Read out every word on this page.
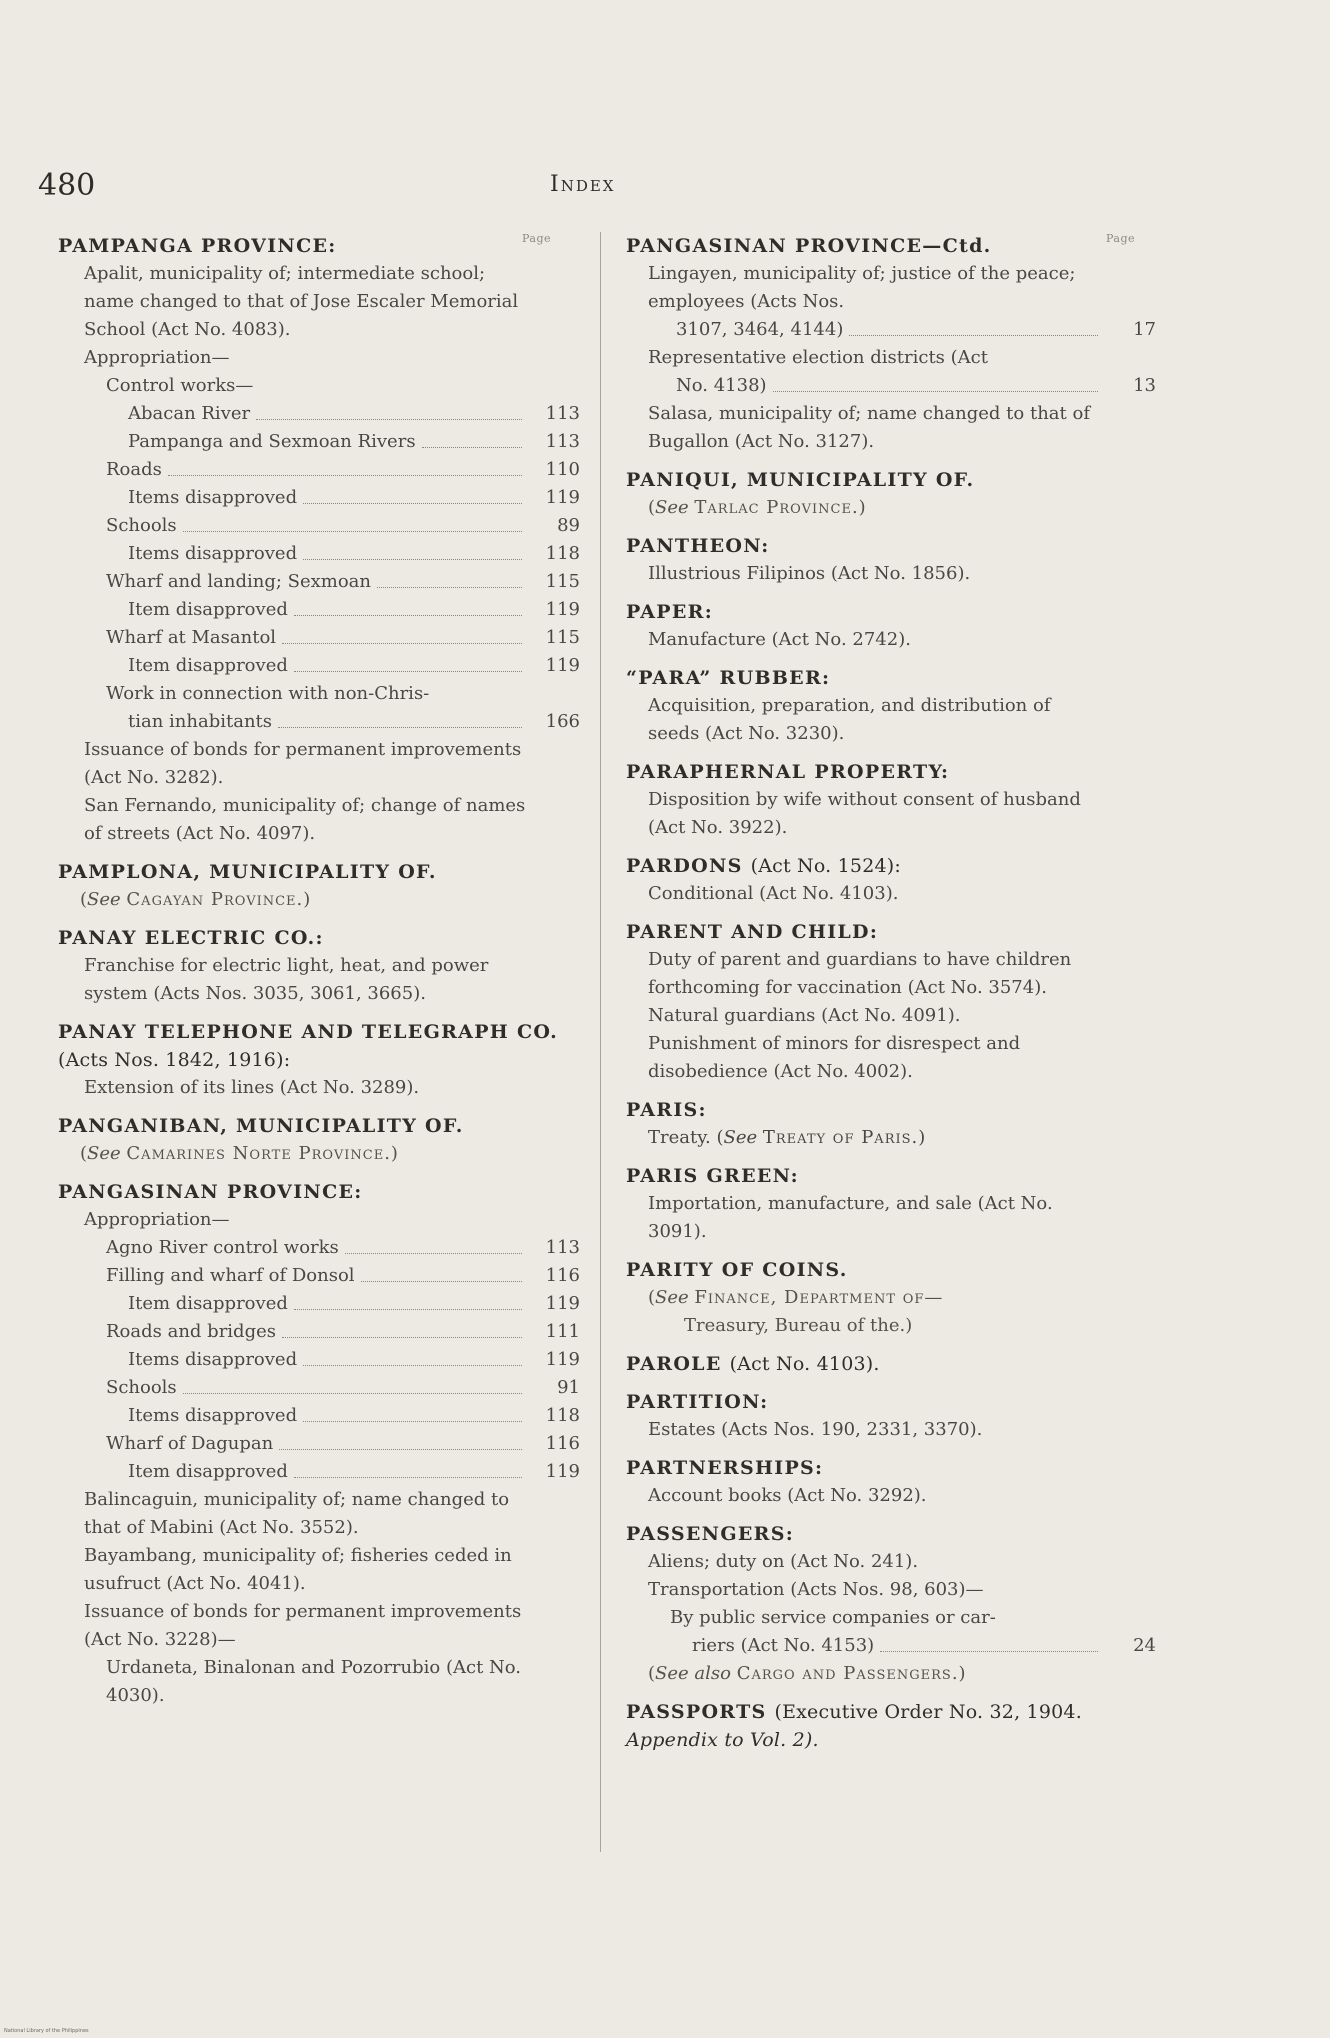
480	Index
Page	Page
PAMPANGA PROVINCE:
Apalit, municipality of; intermediate school; name changed to that of Jose Escaler Memorial School (Act No. 4083).
Appropriation—
Control works—
Abacan River	113
Pampanga and Sexmoan Rivers	113
Roads	110
Items disapproved	119
Schools	89
Items disapproved	118
Wharf and landing; Sexmoan	115
Item disapproved	119
Wharf at Masantol	115
Item disapproved	119
Work in connection with non-Chris-
tian inhabitants	166
Issuance of bonds for permanent improvements (Act No. 3282).
San Fernando, municipality of; change of names of streets (Act No. 4097).
PAMPLONA, MUNICIPALITY OF.
(See Cagayan Province.)
PANAY ELECTRIC CO.:
Franchise for electric light, heat, and power system (Acts Nos. 3035, 3061, 3665).
PANAY TELEPHONE AND TELEGRAPH CO. (Acts Nos. 1842, 1916):
Extension of its lines (Act No. 3289).
PANGANIBAN, MUNICIPALITY OF.
(See Camarines Norte Province.)
PANGASINAN PROVINCE:
Appropriation—
Agno River control works	113
Filling and wharf of Donsol	116
Item disapproved	119
Roads and bridges	111
Items disapproved	119
Schools	91
Items disapproved	118
Wharf of Dagupan	116
Item disapproved	119
Balincaguin, municipality of; name changed to that of Mabini (Act No. 3552).
Bayambang, municipality of; fisheries ceded in usufruct (Act No. 4041).
Issuance of bonds for permanent improvements (Act No. 3228)—
Urdaneta, Binalonan and Pozorrubio (Act No. 4030).
PANGASINAN PROVINCE—Ctd.
Lingayen, municipality of; justice of the peace; employees (Acts Nos.
3107, 3464, 4144)	17
Representative election districts (Act
No. 4138)	13
Salasa, municipality of; name changed to that of Bugallon (Act No. 3127).
PANIQUI, MUNICIPALITY OF.
(See Tarlac Province.)
PANTHEON:
Illustrious Filipinos (Act No. 1856).
PAPER:
Manufacture (Act No. 2742).
“PARA” RUBBER:
Acquisition, preparation, and distribution of seeds (Act No. 3230).
PARAPHERNAL PROPERTY:
Disposition by wife without consent of husband (Act No. 3922).
PARDONS (Act No. 1524):
Conditional (Act No. 4103).
PARENT AND CHILD:
Duty of parent and guardians to have children forthcoming for vaccination (Act No. 3574).
Natural guardians (Act No. 4091).
Punishment of minors for disrespect and disobedience (Act No. 4002).
PARIS:
Treaty. (See Treaty of Paris.)
PARIS GREEN:
Importation, manufacture, and sale (Act No. 3091).
PARITY OF COINS.
(See Finance, Department of—
Treasury, Bureau of the.)
PAROLE (Act No. 4103).
PARTITION:
Estates (Acts Nos. 190, 2331, 3370).
PARTNERSHIPS:
Account books (Act No. 3292).
PASSENGERS:
Aliens; duty on (Act No. 241).
Transportation (Acts Nos. 98, 603)—
By public service companies or car-
riers (Act No. 4153)	24
(See also Cargo and Passengers.)
PASSPORTS (Executive Order No. 32, 1904. Appendix to Vol. 2).
National Library of the Philippines
